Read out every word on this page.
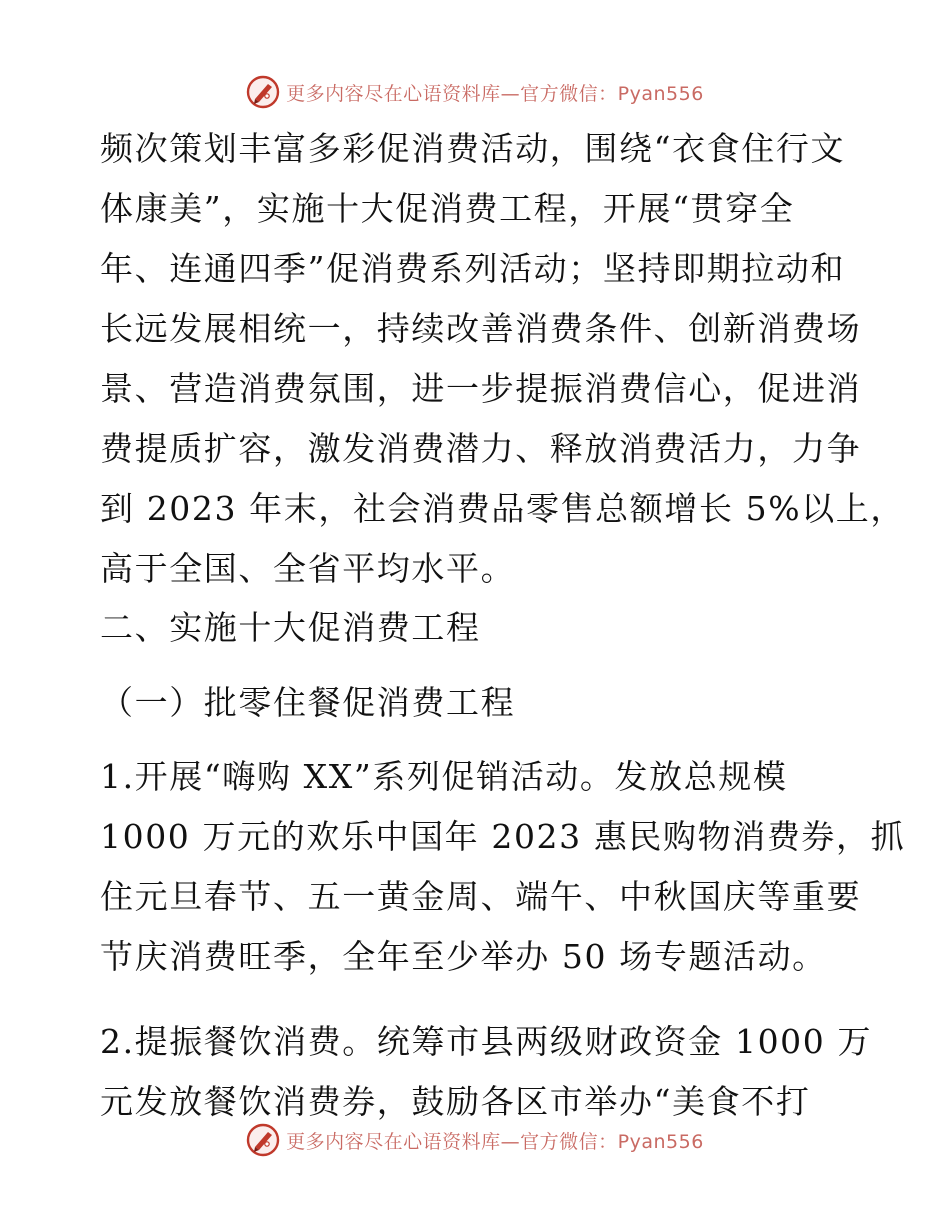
更多内容尽在心语资料库—官方微信：Pyan556
频次策划丰富多彩促消费活动，围绕“衣食住行文
体康美”，实施十大促消费工程，开展“贯穿全
年、连通四季”促消费系列活动；坚持即期拉动和
长远发展相统一，持续改善消费条件、创新消费场
景、营造消费氛围，进一步提振消费信心，促进消
费提质扩容，激发消费潜力、释放消费活力，力争
到 2023 年末，社会消费品零售总额增长 5%以上，
高于全国、全省平均水平。
二、实施十大促消费工程
（一）批零住餐促消费工程
1.开展“嗨购 XX”系列促销活动。发放总规模
1000 万元的欢乐中国年 2023 惠民购物消费券，抓
住元旦春节、五一黄金周、端午、中秋国庆等重要
节庆消费旺季，全年至少举办 50 场专题活动。
2.提振餐饮消费。统筹市县两级财政资金 1000 万
元发放餐饮消费券，鼓励各区市举办“美食不打
更多内容尽在心语资料库—官方微信：Pyan556
